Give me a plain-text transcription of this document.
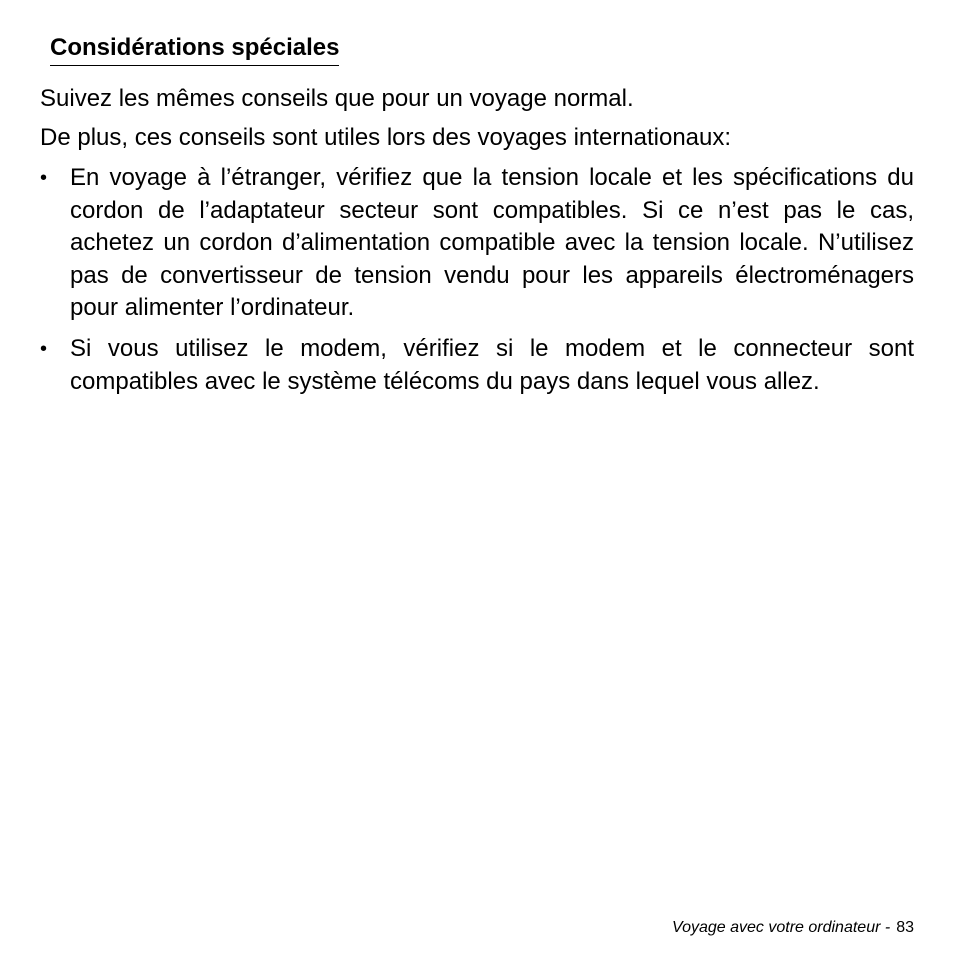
Considérations spéciales

Suivez les mêmes conseils que pour un voyage normal.

De plus, ces conseils sont utiles lors des voyages internationaux:

• En voyage à l’étranger, vérifiez que la tension locale et les spécifications du cordon de l’adaptateur secteur sont compatibles. Si ce n’est pas le cas, achetez un cordon d’alimentation compatible avec la tension locale. N’utilisez pas de convertisseur de tension vendu pour les appareils électroménagers pour alimenter l’ordinateur.
• Si vous utilisez le modem, vérifiez si le modem et le connecteur sont compatibles avec le système télécoms du pays dans lequel vous allez.
Voyage avec votre ordinateur - 83
